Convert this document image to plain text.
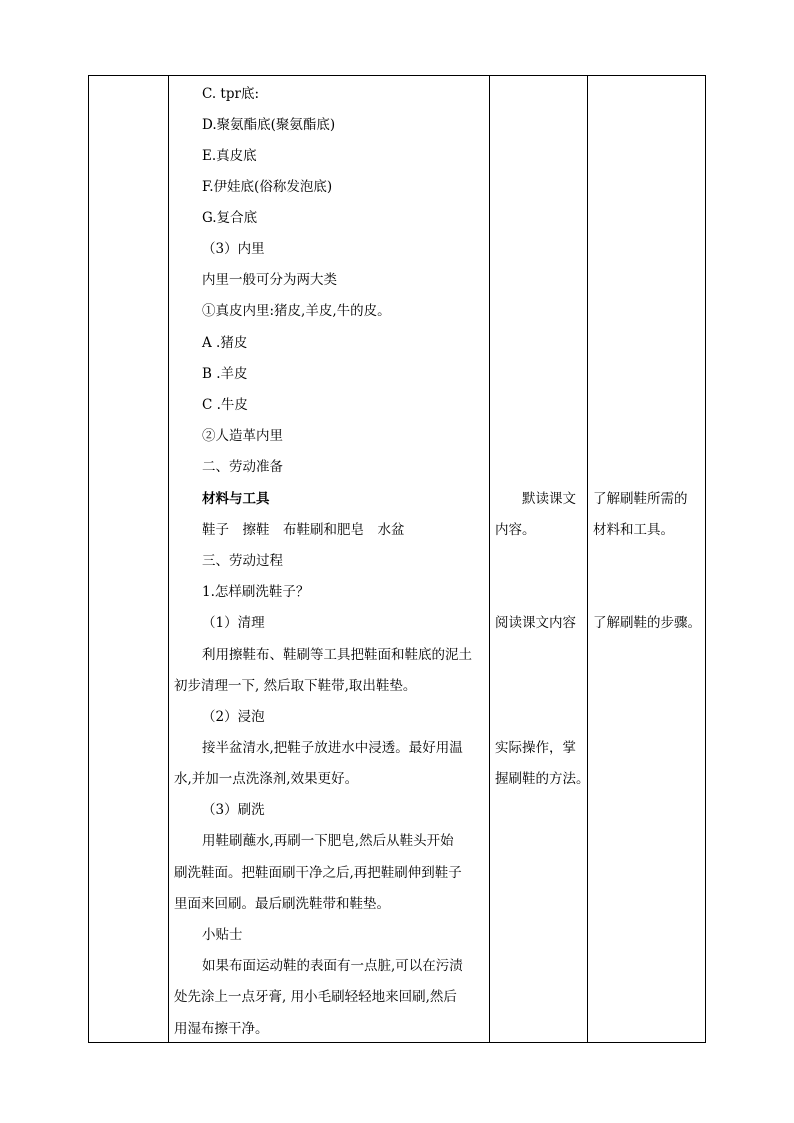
C. tpr底:
D.聚氨酯底(聚氨酯底)
E.真皮底
F.伊娃底(俗称发泡底)
G.复合底
（3）内里
内里一般可分为两大类
①真皮内里:猪皮,羊皮,牛的皮。
A .猪皮
B .羊皮
C .牛皮
②人造革内里
二、劳动准备
材料与工具
鞋子　擦鞋　布鞋刷和肥皂　水盆
三、劳动过程
1.怎样刷洗鞋子？
（1）清理
利用擦鞋布、鞋刷等工具把鞋面和鞋底的泥土
初步清理一下, 然后取下鞋带,取出鞋垫。
（2）浸泡
接半盆清水,把鞋子放进水中浸透。最好用温
水,并加一点洗涤剂,效果更好。
（3）刷洗
用鞋刷蘸水,再刷一下肥皂,然后从鞋头开始
刷洗鞋面。把鞋面刷干净之后,再把鞋刷伸到鞋子
里面来回刷。最后刷洗鞋带和鞋垫。
小贴士
如果布面运动鞋的表面有一点脏,可以在污渍
处先涂上一点牙膏, 用小毛刷轻轻地来回刷,然后
用湿布擦干净。
默读课文
内容。
阅读课文内容
实际操作，掌
握刷鞋的方法。
了解刷鞋所需的
材料和工具。
了解刷鞋的步骤。
